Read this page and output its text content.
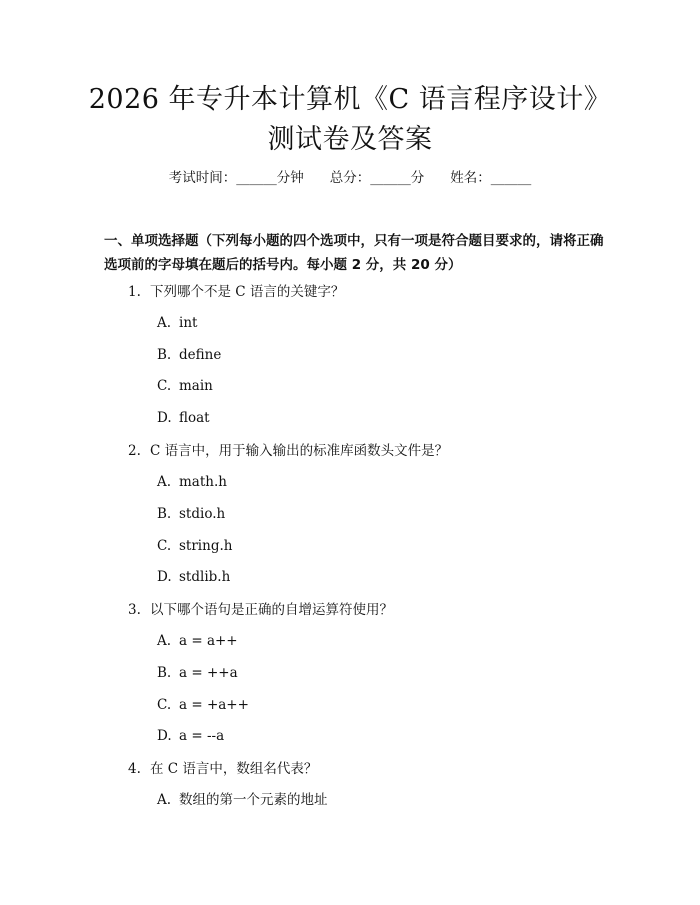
2026 年专升本计算机《C 语言程序设计》测试卷及答案
考试时间：______分钟 总分：______分 姓名：______
一、单项选择题（下列每小题的四个选项中，只有一项是符合题目要求的，请将正确选项前的字母填在题后的括号内。每小题 2 分，共 20 分）
1. 下列哪个不是 C 语言的关键字？
A. int
B. define
C. main
D. float
2. C 语言中，用于输入输出的标准库函数头文件是？
A. math.h
B. stdio.h
C. string.h
D. stdlib.h
3. 以下哪个语句是正确的自增运算符使用？
A. a = a++
B. a = ++a
C. a = +a++
D. a = --a
4. 在 C 语言中，数组名代表？
A. 数组的第一个元素的地址
